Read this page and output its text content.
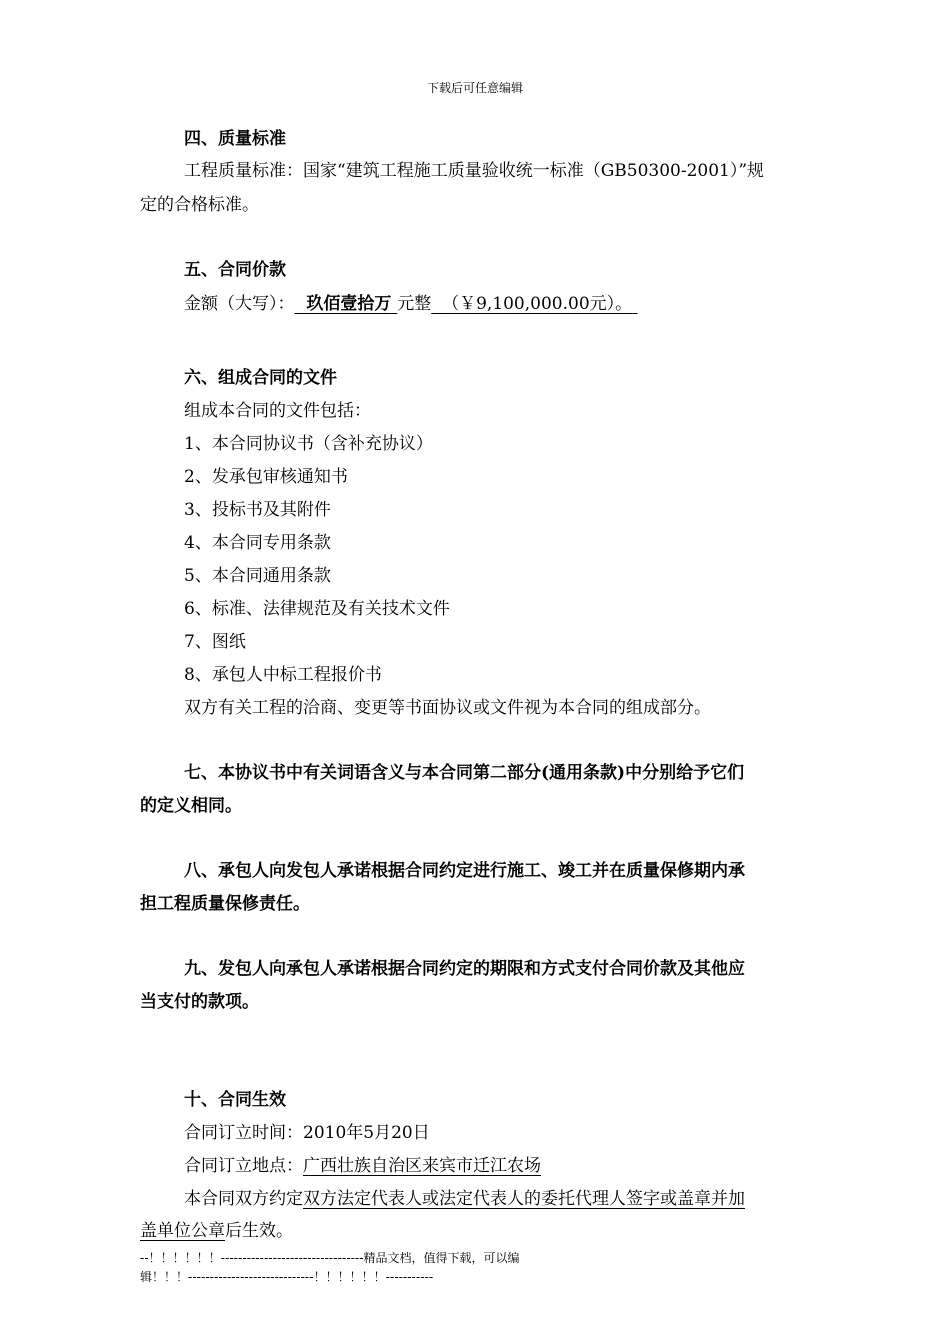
下载后可任意编辑
四、质量标准
工程质量标准：国家“建筑工程施工质量验收统一标准（GB50300-2001）”规
定的合格标准。
五、合同价款
金额（大写）： 玖佰壹拾万 元整 （￥9,100,000.00元）。
六、组成合同的文件
组成本合同的文件包括：
1、本合同协议书（含补充协议）
2、发承包审核通知书
3、投标书及其附件
4、本合同专用条款
5、本合同通用条款
6、标准、法律规范及有关技术文件
7、图纸
8、承包人中标工程报价书
双方有关工程的洽商、变更等书面协议或文件视为本合同的组成部分。
七、本协议书中有关词语含义与本合同第二部分(通用条款)中分别给予它们
的定义相同。
八、承包人向发包人承诺根据合同约定进行施工、竣工并在质量保修期内承
担工程质量保修责任。
九、发包人向承包人承诺根据合同约定的期限和方式支付合同价款及其他应
当支付的款项。
十、合同生效
合同订立时间：2010年5月20日
合同订立地点：广西壮族自治区来宾市迁江农场
本合同双方约定双方法定代表人或法定代表人的委托代理人签字或盖章并加
盖单位公章后生效。
--！！！！！！---------------------------------精品文档，值得下载，可以编
辑！！！-----------------------------！！！！！！-----------
